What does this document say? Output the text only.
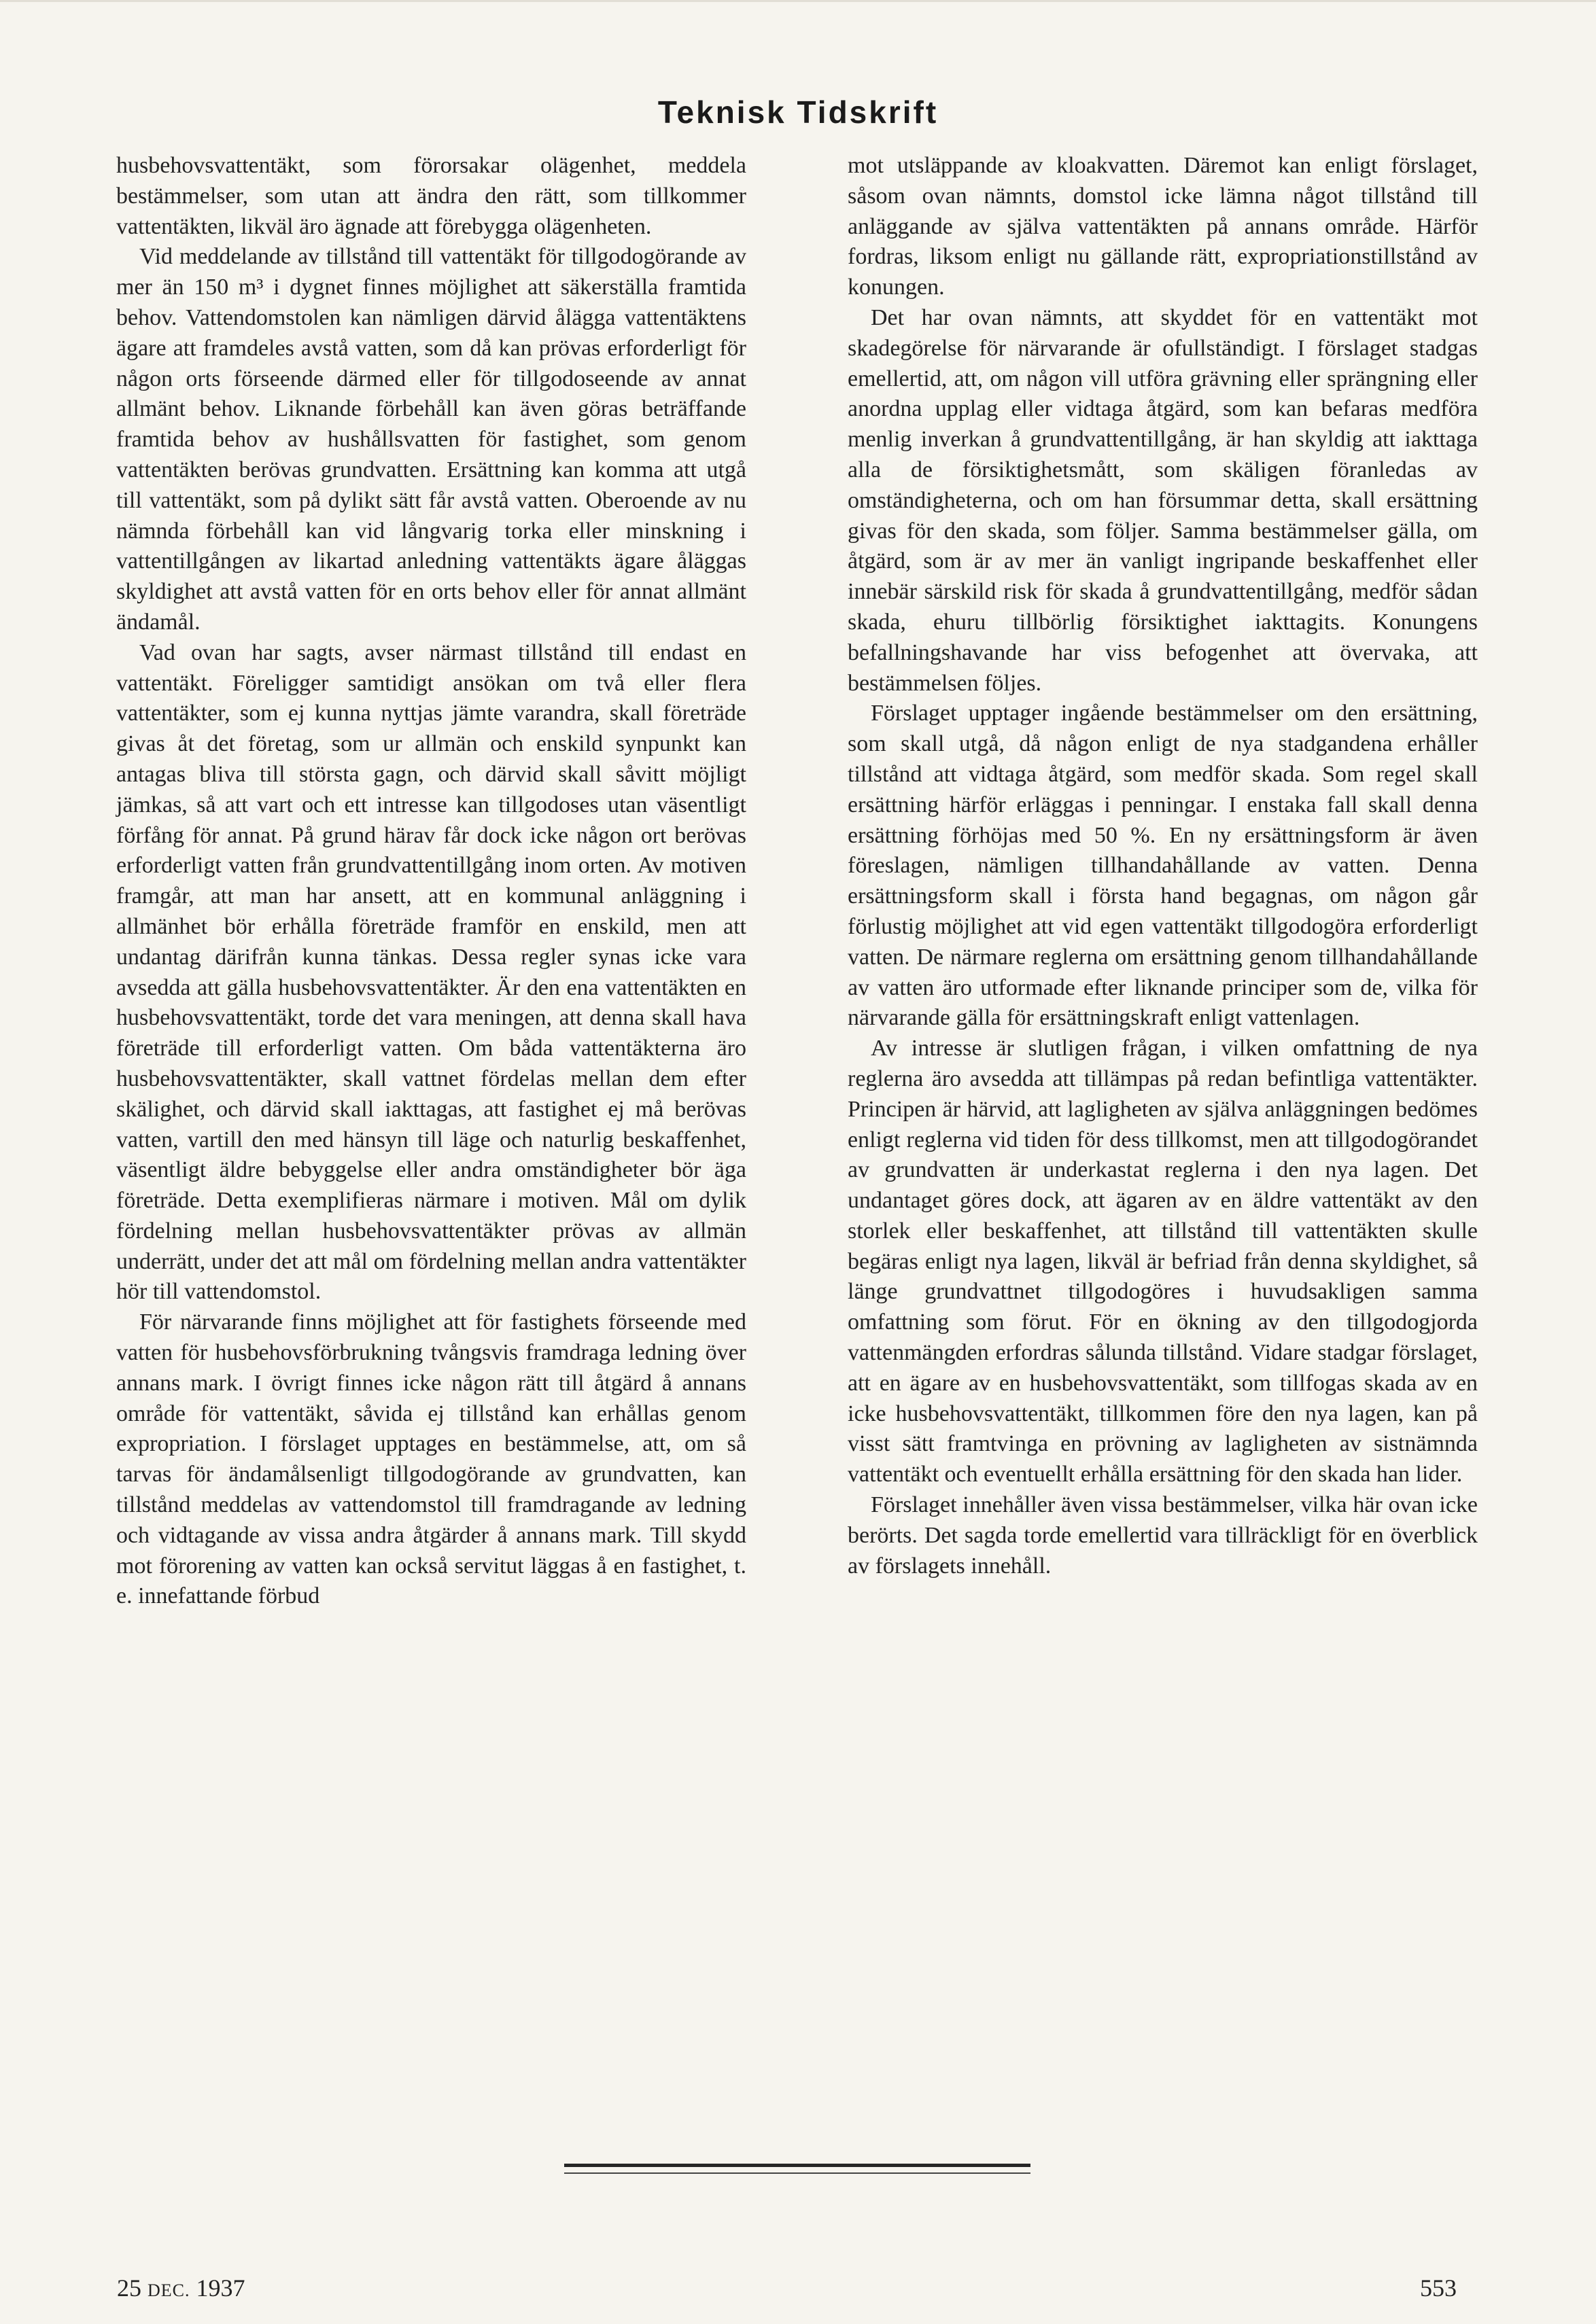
Teknisk Tidskrift

husbehovsvattentäkt, som förorsakar olägenhet, meddela bestämmelser, som utan att ändra den rätt, som tillkommer vattentäkten, likväl äro ägnade att förebygga olägenheten.

Vid meddelande av tillstånd till vattentäkt för tillgodogörande av mer än 150 m³ i dygnet finnes möjlighet att säkerställa framtida behov. Vattendomstolen kan nämligen därvid ålägga vattentäktens ägare att framdeles avstå vatten, som då kan prövas erforderligt för någon orts förseende därmed eller för tillgodoseende av annat allmänt behov. Liknande förbehåll kan även göras beträffande framtida behov av hushållsvatten för fastighet, som genom vattentäkten berövas grundvatten. Ersättning kan komma att utgå till vattentäkt, som på dylikt sätt får avstå vatten. Oberoende av nu nämnda förbehåll kan vid långvarig torka eller minskning i vattentillgången av likartad anledning vattentäkts ägare åläggas skyldighet att avstå vatten för en orts behov eller för annat allmänt ändamål.

Vad ovan har sagts, avser närmast tillstånd till endast en vattentäkt. Föreligger samtidigt ansökan om två eller flera vattentäkter, som ej kunna nyttjas jämte varandra, skall företräde givas åt det företag, som ur allmän och enskild synpunkt kan antagas bliva till största gagn, och därvid skall såvitt möjligt jämkas, så att vart och ett intresse kan tillgodoses utan väsentligt förfång för annat. På grund härav får dock icke någon ort berövas erforderligt vatten från grundvattentillgång inom orten. Av motiven framgår, att man har ansett, att en kommunal anläggning i allmänhet bör erhålla företräde framför en enskild, men att undantag därifrån kunna tänkas. Dessa regler synas icke vara avsedda att gälla husbehovsvattentäkter. Är den ena vattentäkten en husbehovsvattentäkt, torde det vara meningen, att denna skall hava företräde till erforderligt vatten. Om båda vattentäkterna äro husbehovsvattentäkter, skall vattnet fördelas mellan dem efter skälighet, och därvid skall iakttagas, att fastighet ej må berövas vatten, vartill den med hänsyn till läge och naturlig beskaffenhet, väsentligt äldre bebyggelse eller andra omständigheter bör äga företräde. Detta exemplifieras närmare i motiven. Mål om dylik fördelning mellan husbehovsvattentäkter prövas av allmän underrätt, under det att mål om fördelning mellan andra vattentäkter hör till vattendomstol.

För närvarande finns möjlighet att för fastighets förseende med vatten för husbehovsförbrukning tvångsvis framdraga ledning över annans mark. I övrigt finnes icke någon rätt till åtgärd å annans område för vattentäkt, såvida ej tillstånd kan erhållas genom expropriation. I förslaget upptages en bestämmelse, att, om så tarvas för ändamålsenligt tillgodogörande av grundvatten, kan tillstånd meddelas av vattendomstol till framdragande av ledning och vidtagande av vissa andra åtgärder å annans mark. Till skydd mot förorening av vatten kan också servitut läggas å en fastighet, t. e. innefattande förbud

mot utsläppande av kloakvatten. Däremot kan enligt förslaget, såsom ovan nämnts, domstol icke lämna något tillstånd till anläggande av själva vattentäkten på annans område. Härför fordras, liksom enligt nu gällande rätt, expropriationstillstånd av konungen.

Det har ovan nämnts, att skyddet för en vattentäkt mot skadegörelse för närvarande är ofullständigt. I förslaget stadgas emellertid, att, om någon vill utföra grävning eller sprängning eller anordna upplag eller vidtaga åtgärd, som kan befaras medföra menlig inverkan å grundvattentillgång, är han skyldig att iakttaga alla de försiktighetsmått, som skäligen föranledas av omständigheterna, och om han försummar detta, skall ersättning givas för den skada, som följer. Samma bestämmelser gälla, om åtgärd, som är av mer än vanligt ingripande beskaffenhet eller innebär särskild risk för skada å grundvattentillgång, medför sådan skada, ehuru tillbörlig försiktighet iakttagits. Konungens befallningshavande har viss befogenhet att övervaka, att bestämmelsen följes.

Förslaget upptager ingående bestämmelser om den ersättning, som skall utgå, då någon enligt de nya stadgandena erhåller tillstånd att vidtaga åtgärd, som medför skada. Som regel skall ersättning härför erläggas i penningar. I enstaka fall skall denna ersättning förhöjas med 50 %. En ny ersättningsform är även föreslagen, nämligen tillhandahållande av vatten. Denna ersättningsform skall i första hand begagnas, om någon går förlustig möjlighet att vid egen vattentäkt tillgodogöra erforderligt vatten. De närmare reglerna om ersättning genom tillhandahållande av vatten äro utformade efter liknande principer som de, vilka för närvarande gälla för ersättningskraft enligt vattenlagen.

Av intresse är slutligen frågan, i vilken omfattning de nya reglerna äro avsedda att tillämpas på redan befintliga vattentäkter. Principen är härvid, att lagligheten av själva anläggningen bedömes enligt reglerna vid tiden för dess tillkomst, men att tillgodogörandet av grundvatten är underkastat reglerna i den nya lagen. Det undantaget göres dock, att ägaren av en äldre vattentäkt av den storlek eller beskaffenhet, att tillstånd till vattentäkten skulle begäras enligt nya lagen, likväl är befriad från denna skyldighet, så länge grundvattnet tillgodogöres i huvudsakligen samma omfattning som förut. För en ökning av den tillgodogjorda vattenmängden erfordras sålunda tillstånd. Vidare stadgar förslaget, att en ägare av en husbehovsvattentäkt, som tillfogas skada av en icke husbehovsvattentäkt, tillkommen före den nya lagen, kan på visst sätt framtvinga en prövning av lagligheten av sistnämnda vattentäkt och eventuellt erhålla ersättning för den skada han lider.

Förslaget innehåller även vissa bestämmelser, vilka här ovan icke berörts. Det sagda torde emellertid vara tillräckligt för en överblick av förslagets innehåll.

25 DEC. 1937	553
